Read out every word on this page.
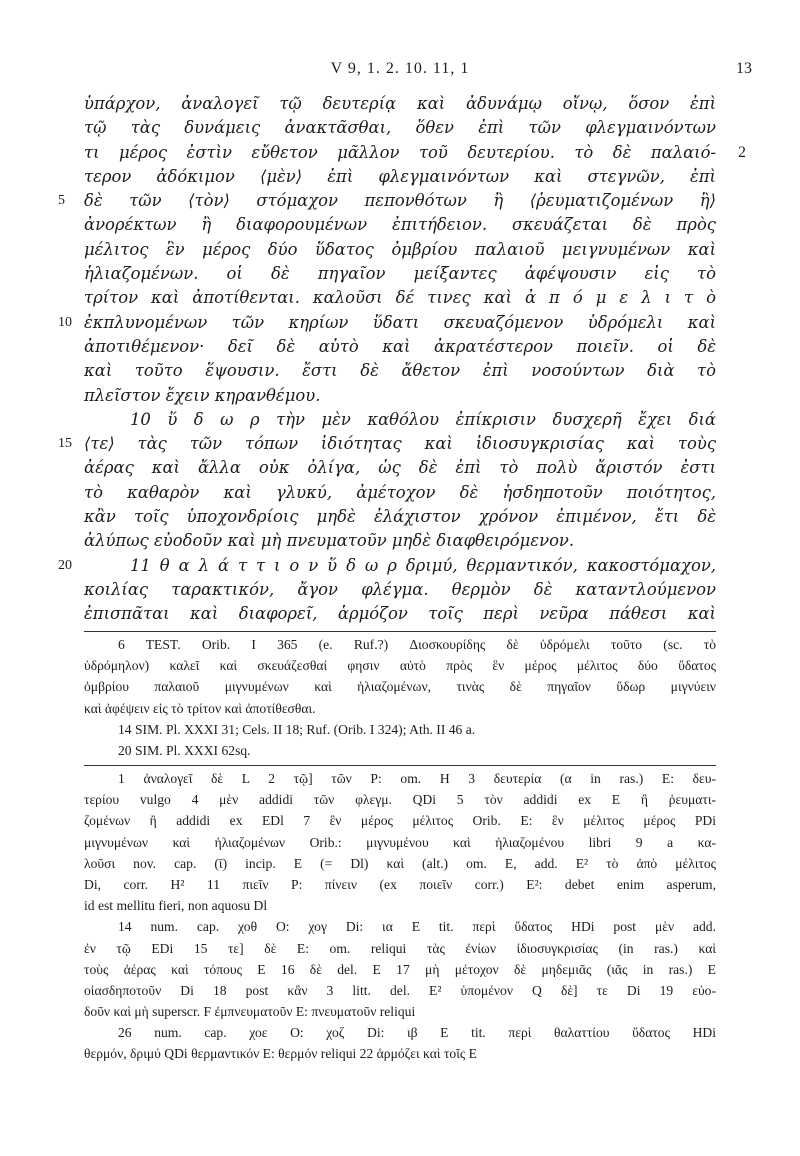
V 9, 1. 2. 10. 11, 1	13
ὑπάρχον, ἀναλογεῖ τῷ δευτερίᾳ καὶ ἀδυνάμῳ οἴνῳ, ὅσον ἐπὶ
τῷ τὰς δυνάμεις ἀνακτᾶσθαι, ὅθεν ἐπὶ τῶν φλεγμαινόντων
τι μέρος ἐστὶν εὔθετον μᾶλλον τοῦ δευτερίου. τὸ δὲ παλαιό- 2
τερον ἀδόκιμον ⟨μὲν⟩ ἐπὶ φλεγμαινόντων καὶ στεγνῶν, ἐπὶ
δὲ τῶν ⟨τὸν⟩ στόμαχον πεπονθότων ἢ ⟨ῥευματιζομένων ἢ⟩
5
ἀνορέκτων ἢ διαφορουμένων ἐπιτήδειον. σκευάζεται δὲ πρὸς
μέλιτος ἓν μέρος δύο ὕδατος ὀμβρίου παλαιοῦ μειγνυμένων καὶ
ἡλιαζομένων. οἱ δὲ πηγαῖον μείξαντες ἀφέψουσιν εἰς τὸ
τρίτον καὶ ἀποτίθενται. καλοῦσι δέ τινες καὶ ἀ π ό μ ε λ ι τ ὸ
ἐκπλυνομένων τῶν κηρίων ὕδατι σκευαζόμενον ὑδρόμελι καὶ
10
ἀποτιθέμενον· δεῖ δὲ αὐτὸ καὶ ἀκρατέστερον ποιεῖν. οἱ δὲ
καὶ τοῦτο ἕψουσιν. ἔστι δὲ ἄθετον ἐπὶ νοσούντων διὰ τὸ
πλεῖστον ἔχειν κηρανθέμου.
10 ὕ δ ω ρ τὴν μὲν καθόλου ἐπίκρισιν δυσχερῆ ἔχει διά
⟨τε⟩ τὰς τῶν τόπων ἰδιότητας καὶ ἰδιοσυγκρισίας καὶ τοὺς
15
ἀέρας καὶ ἄλλα οὐκ ὀλίγα, ὡς δὲ ἐπὶ τὸ πολὺ ἄριστόν ἐστι
τὸ καθαρὸν καὶ γλυκύ, ἀμέτοχον δὲ ἡσδηποτοῦν ποιότητος,
κἂν τοῖς ὑποχονδρίοις μηδὲ ἐλάχιστον χρόνον ἐπιμένον, ἔτι δὲ
ἀλύπως εὐοδοῦν καὶ μὴ πνευματοῦν μηδὲ διαφθειρόμενον.
11 θ α λ ά τ τ ι ο ν ὕ δ ω ρ δριμύ, θερμαντικόν, κακοστόμαχον,
20
κοιλίας ταρακτικόν, ἄγον φλέγμα. θερμὸν δὲ καταντλούμενον
ἐπισπᾶται καὶ διαφορεῖ, ἁρμόζον τοῖς περὶ νεῦρα πάθεσι καὶ
6 TEST. Orib. I 365 (e. Ruf.?) Διοσκουρίδης δὲ ὑδρόμελι τοῦτο (sc. τὸ
ὑδρόμηλον) καλεῖ καὶ σκευάζεσθαί φησιν αὐτὸ πρὸς ἓν μέρος μέλιτος δύο ὕδατος
ὀμβρίου παλαιοῦ μιγνυμένων καὶ ἡλιαζομένων, τινὰς δὲ πηγαῖον ὕδωρ μιγνύειν
καὶ ἀφέψειν εἰς τὸ τρίτον καὶ ἀποτίθεσθαι.
14 SIM. Pl. XXXI 31; Cels. II 18; Ruf. (Orib. I 324); Ath. II 46 a.
20 SIM. Pl. XXXI 62sq.
1 ἀναλογεῖ δὲ L 2 τῷ] τῶν P: om. H 3 δευτερία (α in ras.) E: δευ-
τερίου vulgo 4 μὲν addidi τῶν φλεγμ. QDi 5 τὸν addidi ex E ἢ ῥευματι-
ζομένων ἢ addidi ex EDl 7 ἓν μέρος μέλιτος Orib. E: ἓν μέλιτος μέρος PDi
μιγνυμένων καὶ ἡλιαζομένων Orib.: μιγνυμένου καὶ ἡλιαζομένου libri 9 a κα-
λοῦσι nov. cap. (ῑ) incip. E (= Dl) καὶ (alt.) om. E, add. E² τὸ ἀπὸ μέλιτος
Di, corr. H² 11 πιεῖν P: πίνειν (ex ποιεῖν corr.) E²: debet enim asperum,
id est mellitu fieri, non aquosu Dl
14 num. cap. χοθ O: χογ Di: ια E tit. περὶ ὕδατος HDi post μὲν add.
ἐν τῷ EDi 15 τε] δὲ E: om. reliqui τὰς ἐνίων ἰδιοσυγκρισίας (in ras.) καὶ
τοὺς ἀέρας καὶ τόπους E 16 δὲ del. E 17 μὴ μέτοχον δὲ μηδεμιᾶς (ιᾶς in ras.) E
οἱασδηποτοῦν Di 18 post κἂν 3 litt. del. E² ὑπομένον Q δὲ] τε Di 19 εὐο-
δοῦν καὶ μὴ superscr. F ἐμπνευματοῦν E: πνευματοῦν reliqui
26 num. cap. χοε O: χοζ Di: ιβ E tit. περὶ θαλαττίου ὕδατος HDi
θερμόν, δριμύ QDi θερμαντικόν E: θερμόν reliqui 22 ἁρμόζει καὶ τοῖς E
